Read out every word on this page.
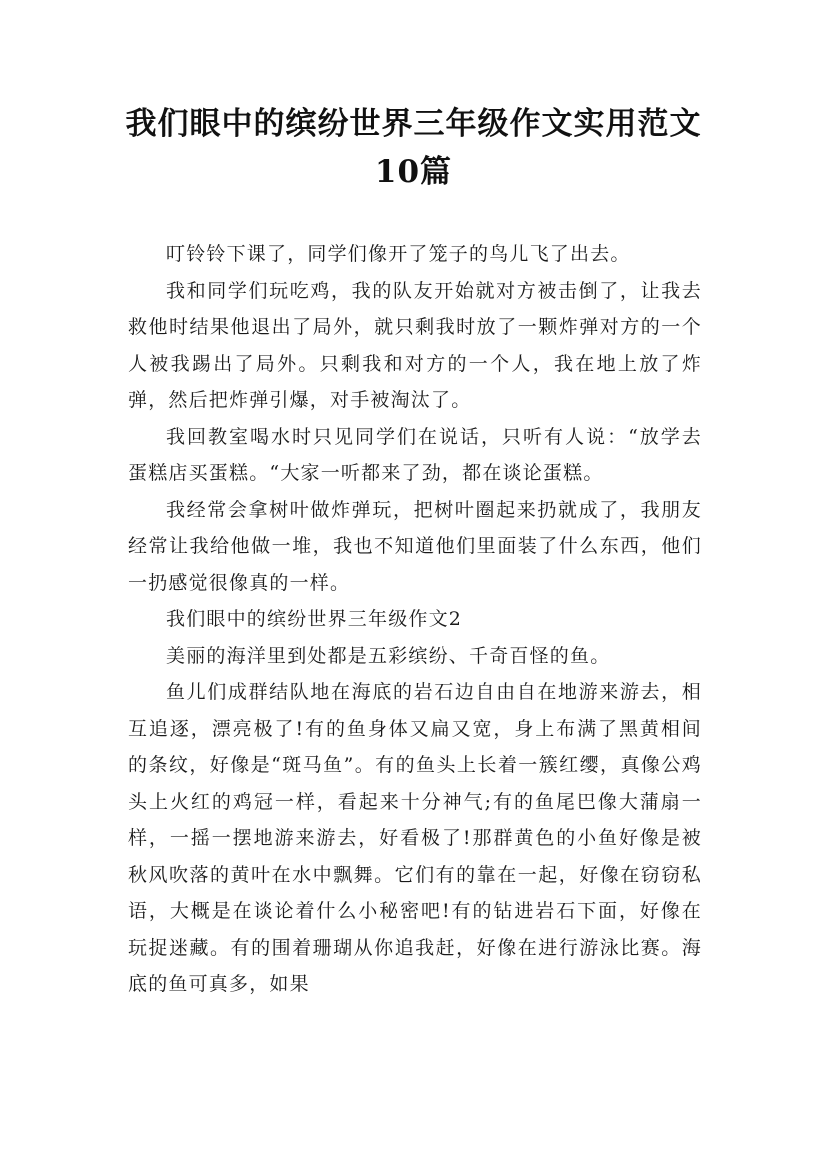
我们眼中的缤纷世界三年级作文实用范文
10篇

叮铃铃下课了，同学们像开了笼子的鸟儿飞了出去。

我和同学们玩吃鸡，我的队友开始就对方被击倒了，让我去救他时结果他退出了局外，就只剩我时放了一颗炸弹对方的一个人被我踢出了局外。只剩我和对方的一个人，我在地上放了炸弹，然后把炸弹引爆，对手被淘汰了。

我回教室喝水时只见同学们在说话，只听有人说：“放学去蛋糕店买蛋糕。“大家一听都来了劲，都在谈论蛋糕。

我经常会拿树叶做炸弹玩，把树叶圈起来扔就成了，我朋友经常让我给他做一堆，我也不知道他们里面装了什么东西，他们一扔感觉很像真的一样。

我们眼中的缤纷世界三年级作文2

美丽的海洋里到处都是五彩缤纷、千奇百怪的鱼。

鱼儿们成群结队地在海底的岩石边自由自在地游来游去，相互追逐，漂亮极了!有的鱼身体又扁又宽，身上布满了黑黄相间的条纹，好像是“斑马鱼”。有的鱼头上长着一簇红缨，真像公鸡头上火红的鸡冠一样，看起来十分神气;有的鱼尾巴像大蒲扇一样，一摇一摆地游来游去，好看极了!那群黄色的小鱼好像是被秋风吹落的黄叶在水中飘舞。它们有的靠在一起，好像在窃窃私语，大概是在谈论着什么小秘密吧!有的钻进岩石下面，好像在玩捉迷藏。有的围着珊瑚从你追我赶，好像在进行游泳比赛。海底的鱼可真多，如果
